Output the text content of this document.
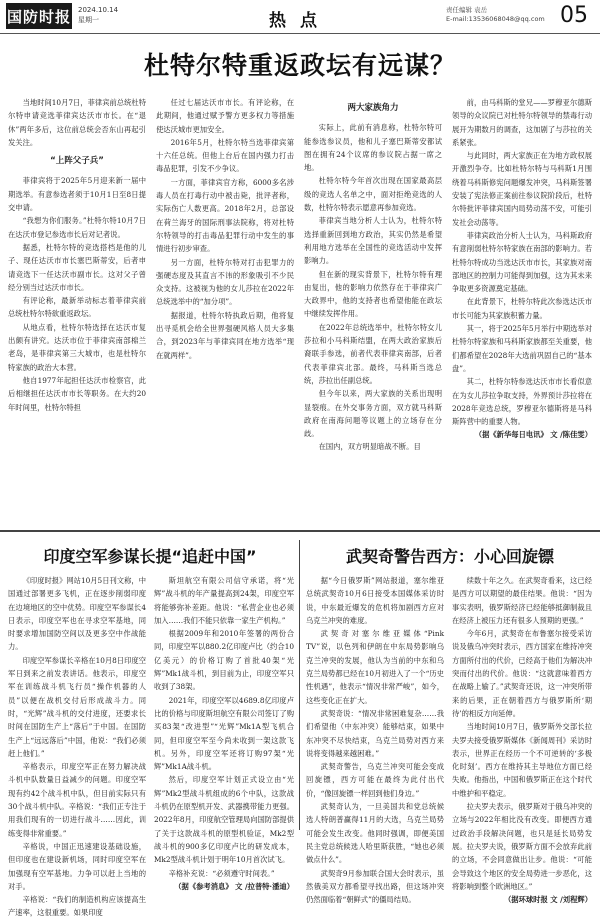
国防时报 2024.10.14
星期一	热点
责任编辑 袁岳
E-mail:13536068048@qq.com 05
杜特尔特重返政坛有远谋？

当地时间10月7日，菲律宾前总统杜特尔特申请竞选菲律宾达沃市市长。在“退休”两年多后，这位前总统会否东山再起引发关注。

“上阵父子兵”

菲律宾将于2025年5月迎来新一届中期选举。有意参选者须于10月1日至8日提交申请。

“我想为你们服务。”杜特尔特10月7日在达沃市登记参选市长后对记者说。

据悉，杜特尔特的竞选搭档是他的儿子、现任达沃市市长塞巴斯蒂安，后者申请竞选下一任达沃市副市长。这对父子曾经分别当过达沃市市长。

有评论称，最新举动标志着菲律宾前总统杜特尔特欲重返政坛。

从地点看，杜特尔特选择在达沃市复出颇有讲究。达沃市位于菲律宾南部棉兰老岛，是菲律宾第三大城市，也是杜特尔特家族的政治大本营。

他自1977年起担任达沃市检察官，此后相继担任达沃市市长等职务。在大约20年时间里，杜特尔特担

任过七届达沃市市长。有评论称，在此期间，他通过赋予警方更多权力等措施使达沃城市更加安全。

2016年5月，杜特尔特当选菲律宾第十六任总统。但他上台后在国内强力打击毒品犯罪，引发不少争议。

一方面，菲律宾官方称，6000多名涉毒人员在打毒行动中被击毙，批评者称，实际伤亡人数更高。2018年2月，总部设在荷兰海牙的国际刑事法院称，将对杜特尔特领导的打击毒品犯罪行动中发生的事情进行初步审查。

另一方面，杜特尔特对打击犯罪力的强硬态度及其直言不讳的形象吸引不少民众支持。这被视为他的女儿莎拉在2022年总统选举中的“加分项”。

据报道，杜特尔特执政后期，他将复出寻觅机会给全世界强硬风格人员大多集合，到2023年与菲律宾同在地方选举“现在就两样”。

两大家族角力

实际上，此前有消息称，杜特尔特可能参选参议员，他和儿子塞巴斯蒂安都试图在拥有24个议席的参议院占据一席之地。

杜特尔特今年首次出现在国家最高层级的竞选人名单之中，面对拒绝竞选的人数，杜特尔特表示愿意再参加竞选。

菲律宾当地分析人士认为，杜特尔特选择重新回到地方政治，其实仍然是希望利用地方选举在全国性的竞选活动中发挥影响力。

但在新的现实背景下，杜特尔特有理由复出，他的影响力依然存在于菲律宾广大政界中，他的支持者也希望他能在政坛中继续发挥作用。

在2022年总统选举中，杜特尔特女儿莎拉和小马科斯结盟，在两大政治家族后裔联手参选，前者代表菲律宾南部，后者代表菲律宾北部。最终，马科斯当选总统，莎拉出任副总统。

但今年以来，两大家族的关系出现明显裂痕。在外交事务方面，双方就马科斯政府在南海问题等议题上的立场存在分歧。

在国内，双方明显暗战不断。目

前，由马科斯的堂兄——罗穆亚尔德斯领导的众议院已对杜特尔特领导的禁毒行动展开为期数月的调查，这加剧了与莎拉的关系紧张。

与此同时，两大家族正在为地方政权展开激烈争夺。比如杜特尔特与马科斯1月围绕着马科斯修宪问题爆发冲突，马科斯签署安装了宪法修正案前往参议院阶段后，杜特尔特批评菲律宾国内局势动荡不安，可能引发社会动荡等。

菲律宾政治分析人士认为，马科斯政府有意削弱杜特尔特家族在南部的影响力。若杜特尔特成功当选达沃市市长，其家族对南部地区的控制力可能得到加强，这为其未来争取更多资源奠定基础。

在此背景下，杜特尔特此次参选达沃市市长可能为其家族积蓄力量。

其一，将于2025年5月举行中期选举对杜特尔特家族和马科斯家族都至关重要，他们都希望在2028年大选前巩固自己的“基本盘”。

其二，杜特尔特参选达沃市市长看似意在为女儿莎拉争取支持，外界预计莎拉将在2028年竞选总统，罗穆亚尔德斯将是马科斯阵营中的重要人物。

（据《新华每日电讯》 文 /陈佳雯）

印度空军参谋长提“追赶中国”

《印度时报》网站10月5日刊文称，中国通过部署更多飞机，正在逐步削弱印度在边境地区的空中优势。印度空军参谋长4日表示，印度空军也在寻求空军基地，同时要求增加国防空间以及更多空中作战能力。

印度空军参谋长辛格在10月8日印度空军日到来之前发表讲话。他表示，印度空军在训练战斗机飞行员“操作机器的人员”以便在战机交付后形成战斗力。同时，“光辉”战斗机的交付进度，还要求长时间在国防生产上“落后”于中国。在国防生产上“远远落后”中国，他说：“我们必须赶上他们。”

辛格表示，印度空军正在努力解决战斗机中队数量日益减少的问题。印度空军现有约42个战斗机中队，但目前实际只有30个战斗机中队。辛格说：“我们正专注于用我们现有的一切进行战斗……因此，训练变得非常重要。”

辛格说，中国正迅速建设基础设施，但印度也在建设新机场，同时印度空军在加强现有空军基地。力争可以赶上当地的对手。

辛格说：“我们的制造机构应该提高生产速率，这很重要。如果印度

斯坦航空有限公司信守承诺，将“光辉”战斗机的年产量提高到24架，印度空军将能够弥补差距。他说：“私营企业也必须加入……我们不能只依靠一家生产机构。”

根据2009年和2010年签署的两份合同，印度空军以880.2亿印度卢比（约合10亿美元）的价格订购了首批40架“光辉”Mk1战斗机，到目前为止，印度空军只收到了38架。

2021年，印度空军以4689.8亿印度卢比的价格与印度斯坦航空有限公司签订了购买83架“改进型”“光辉”Mk1A型飞机合同，但印度空军至今尚未收到一架这款飞机。另外，印度空军还将订购97架“光辉”Mk1A战斗机。

然后，印度空军计划正式设立由“光辉”Mk2型战斗机组成的6个中队，这款战斗机仍在原型机开发、武器携带能力更强。2022年8月，印度航空管理局向国防部提供了关于这款战斗机的原型机验证，Mk2型战斗机的900多亿印度卢比的研发成本，Mk2型战斗机计划于明年10月首次试飞。

辛格补充说：“必须遵守时间表。”

（据《参考消息》 文 /拉普特·潘迪）

武契奇警告西方：小心回旋镖

据“今日俄罗斯”网站报道，塞尔维亚总统武契奇10月6日接受本国媒体采访时说，中东最近爆发的危机将加剧西方应对乌克兰冲突的难度。

武契奇对塞尔维亚媒体“Pink TV”说，以色列和伊朗在中东局势影响乌克兰冲突的发展，他认为当前的中东和乌克兰局势都已经在10月初进入了一个“历史性机遇”，他表示“情况非常严峻”，如今，这些变化正在扩大。

武契奇说：“情况非常困难复杂……我们希望他（中东冲突）能够结束，如果中东冲突不尽快结束，乌克兰局势对西方来说将变得越来越困难。”

武契奇警告，乌克兰冲突可能会变成回旋镖，西方可能在最终为此付出代价，“像回旋镖一样回到他们身边。”

武契奇认为，一旦美国共和党总统候选人特朗普赢得11月的大选，乌克兰局势可能会发生改变。他同时强调，即便美国民主党总统候选人哈里斯获胜，“她也必须做点什么”。

武契奇9月参加联合国大会时表示，虽然俄美双方都希望寻找出路，但这场冲突仍然面临着“朝鲜式”的僵局结局。

续数十年之久。在武契奇看来，这已经是西方可以期望的最佳结果。他说：“因为事实表明，俄罗斯经济已经能够抵御制裁且在经济上被压力还有很多人预期的更强。”

今年6月，武契奇在布鲁塞尔接受采访说及俄乌冲突时表示，西方国家在维持冲突方面所付出的代价，已经高于他们为解决冲突而付出的代价。他说：“这就意味着西方在战略上输了。”武契奇还说，这一冲突所带来的后果，正在朝着西方与俄罗斯所‘期待’的相反方向延伸。

当地时间10月7日，俄罗斯外交部长拉夫罗夫接受俄罗斯媒体《新闻周刊》采访时表示，世界正在经历一个不可逆转的‘多极化时刻’。西方在维持其主导地位方面已经失败。他指出，中国和俄罗斯正在这个时代中维护和平稳定。

拉夫罗夫表示，俄罗斯对于俄乌冲突的立场与2022年相比没有改变。即便西方通过政治手段解决问题，也只是延长局势发展。拉夫罗夫说，俄罗斯方面不会放弃此前的立场，不会同意做出让步。他说：“可能会导致这个地区的安全局势进一步恶化，这将影响到整个欧洲地区。”

（据环球时报 文 /刘程辉）
